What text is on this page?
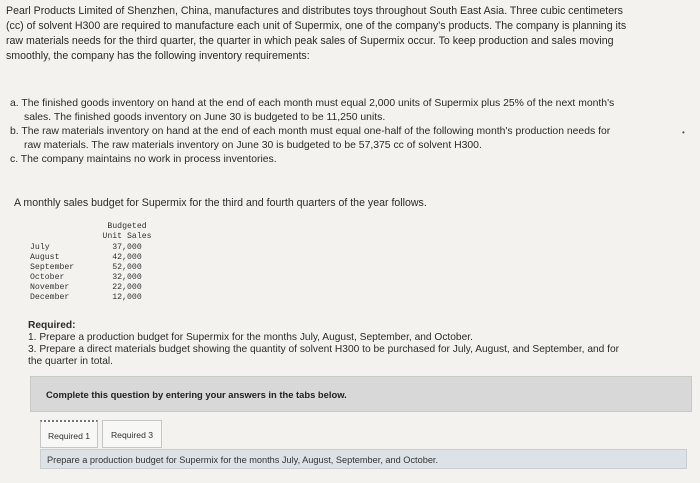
Pearl Products Limited of Shenzhen, China, manufactures and distributes toys throughout South East Asia. Three cubic centimeters
(cc) of solvent H300 are required to manufacture each unit of Supermix, one of the company's products. The company is planning its
raw materials needs for the third quarter, the quarter in which peak sales of Supermix occur. To keep production and sales moving
smoothly, the company has the following inventory requirements:
a. The finished goods inventory on hand at the end of each month must equal 2,000 units of Supermix plus 25% of the next month's
sales. The finished goods inventory on June 30 is budgeted to be 11,250 units.
b. The raw materials inventory on hand at the end of each month must equal one-half of the following month's production needs for
raw materials. The raw materials inventory on June 30 is budgeted to be 57,375 cc of solvent H300.
c. The company maintains no work in process inventories.
•
A monthly sales budget for Supermix for the third and fourth quarters of the year follows.
Budgeted
Unit Sales
July	37,000
August	42,000
September	52,000
October	32,000
November	22,000
December	12,000
Required:
1. Prepare a production budget for Supermix for the months July, August, September, and October.
3. Prepare a direct materials budget showing the quantity of solvent H300 to be purchased for July, August, and September, and for
the quarter in total.
Complete this question by entering your answers in the tabs below.
Required 1	Required 3
Prepare a production budget for Supermix for the months July, August, September, and October.
